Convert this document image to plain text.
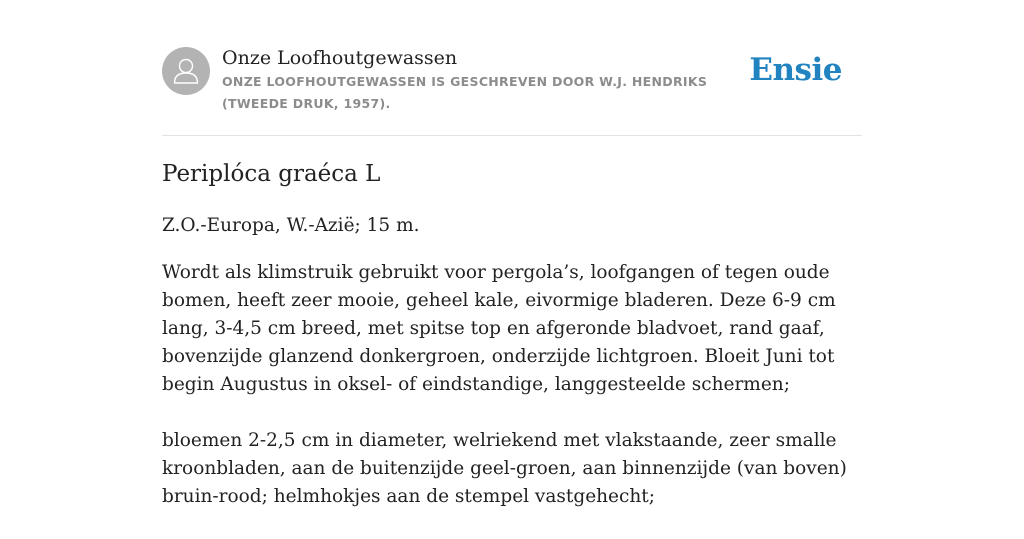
Onze Loofhoutgewassen
ONZE LOOFHOUTGEWASSEN IS GESCHREVEN DOOR W.J. HENDRIKS (TWEEDE DRUK, 1957).
Ensie
Periplóca graéca L

Z.O.-Europa, W.-Azië; 15 m.

Wordt als klimstruik gebruikt voor pergola’s, loofgangen of tegen oude bomen, heeft zeer mooie, geheel kale, eivormige bladeren. Deze 6-9 cm lang, 3-4,5 cm breed, met spitse top en afgeronde bladvoet, rand gaaf, bovenzijde glanzend donkergroen, onderzijde lichtgroen. Bloeit Juni tot begin Augustus in oksel- of eindstandige, langgesteelde schermen;

bloemen 2-2,5 cm in diameter, welriekend met vlakstaande, zeer smalle kroonbladen, aan de buitenzijde geel-groen, aan binnenzijde (van boven) bruin-rood; helmhokjes aan de stempel vastgehecht;
